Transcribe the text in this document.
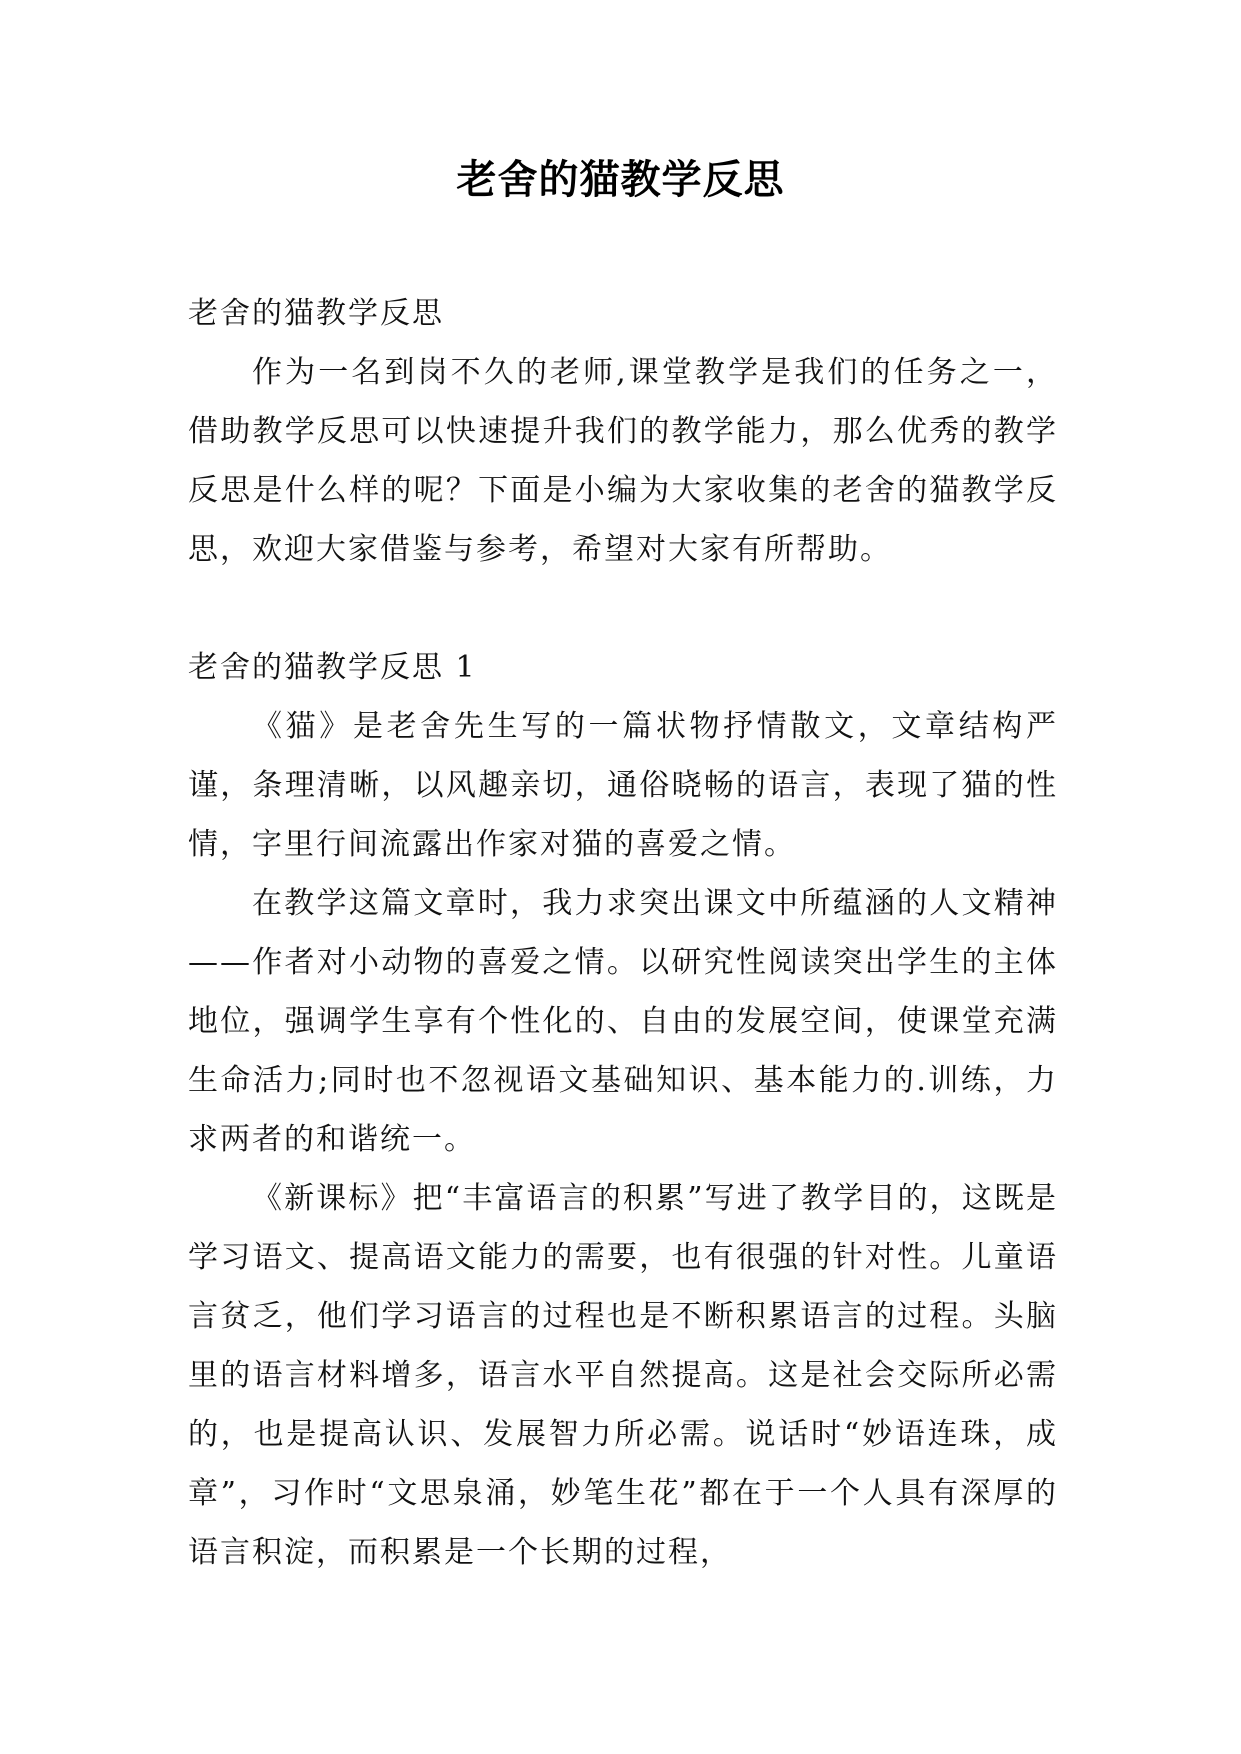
老舍的猫教学反思

老舍的猫教学反思

作为一名到岗不久的老师,课堂教学是我们的任务之一，借助教学反思可以快速提升我们的教学能力，那么优秀的教学反思是什么样的呢？下面是小编为大家收集的老舍的猫教学反思，欢迎大家借鉴与参考，希望对大家有所帮助。

老舍的猫教学反思 1

《猫》是老舍先生写的一篇状物抒情散文，文章结构严谨，条理清晰，以风趣亲切，通俗晓畅的语言，表现了猫的性情，字里行间流露出作家对猫的喜爱之情。

在教学这篇文章时，我力求突出课文中所蕴涵的人文精神——作者对小动物的喜爱之情。以研究性阅读突出学生的主体地位，强调学生享有个性化的、自由的发展空间，使课堂充满生命活力;同时也不忽视语文基础知识、基本能力的.训练，力求两者的和谐统一。

《新课标》把“丰富语言的积累”写进了教学目的，这既是学习语文、提高语文能力的需要，也有很强的针对性。儿童语言贫乏，他们学习语言的过程也是不断积累语言的过程。头脑里的语言材料增多，语言水平自然提高。这是社会交际所必需的，也是提高认识、发展智力所必需。说话时“妙语连珠，成章”，习作时“文思泉涌，妙笔生花”都在于一个人具有深厚的语言积淀，而积累是一个长期的过程，
